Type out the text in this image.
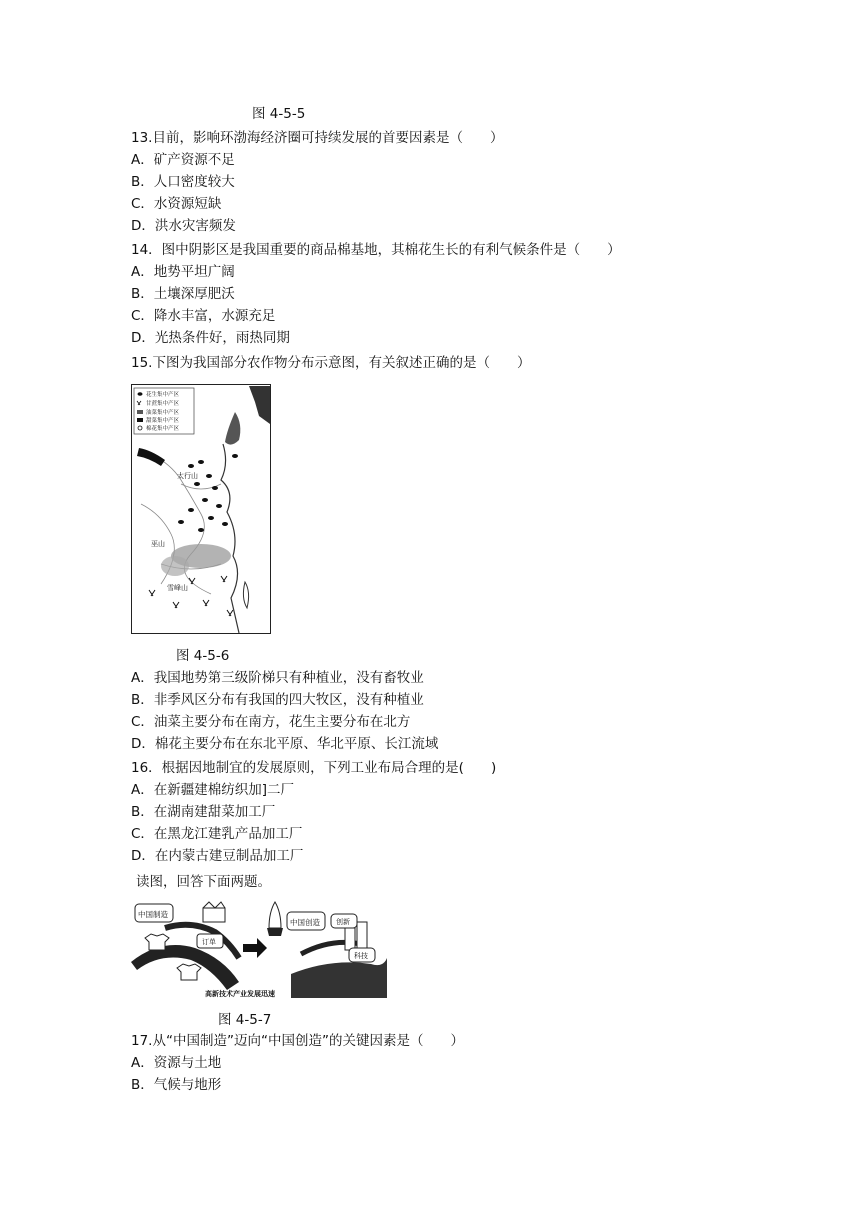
图 4-5-5
13.目前，影响环渤海经济圈可持续发展的首要因素是（　　）
A．矿产资源不足
B．人口密度较大
C．水资源短缺
D．洪水灾害频发
14．图中阴影区是我国重要的商品棉基地，其棉花生长的有利气候条件是（　　）
A．地势平坦广阔
B．土壤深厚肥沃
C．降水丰富，水源充足
D．光热条件好，雨热同期
15.下图为我国部分农作物分布示意图，有关叙述正确的是（　　）
花生集中产区
甘蔗集中产区
油菜集中产区
甜菜集中产区
棉花集中产区
太行山
巫山
雪峰山
图 4-5-6
A．我国地势第三级阶梯只有种植业，没有畜牧业
B．非季风区分布有我国的四大牧区，没有种植业
C．油菜主要分布在南方，花生主要分布在北方
D．棉花主要分布在东北平原、华北平原、长江流域
16．根据因地制宜的发展原则，下列工业布局合理的是(　　)
A．在新疆建棉纺织加]二厂
B．在湖南建甜菜加工厂
C．在黑龙江建乳产品加工厂
D．在内蒙古建豆制品加工厂
读图，回答下面两题。
中国制造
订单
中国创造 创新
科技
高新技术产业发展迅速
图 4-5-7
17.从“中国制造”迈向“中国创造”的关键因素是（　　）
A．资源与土地
B．气候与地形
